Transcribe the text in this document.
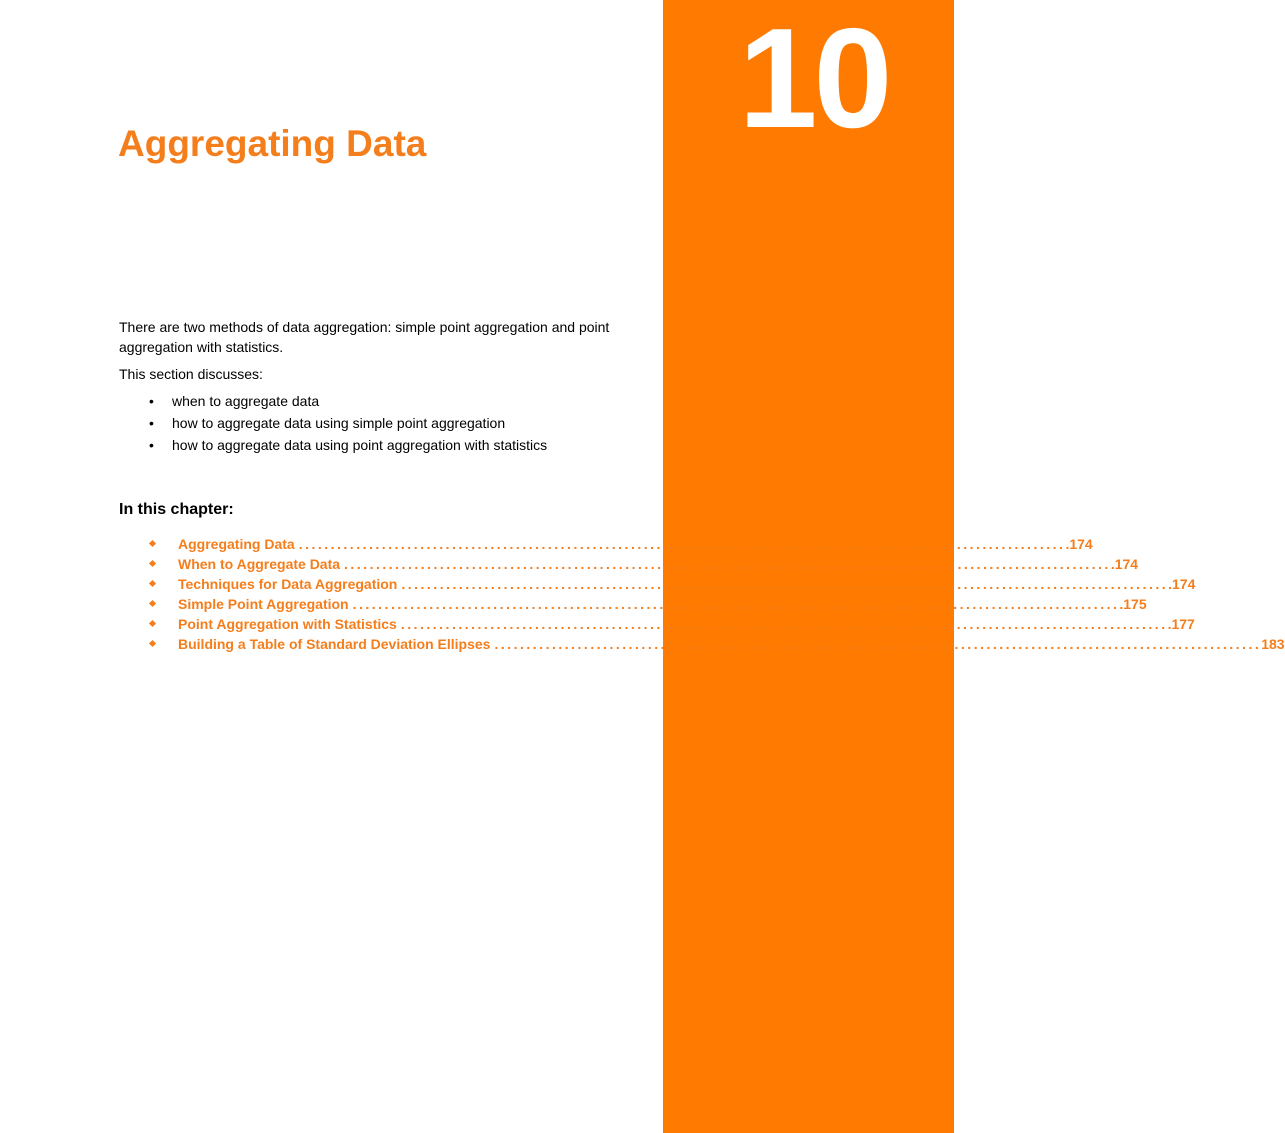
10
Aggregating Data

There are two methods of data aggregation: simple point aggregation and point aggregation with statistics.

This section discusses:

• when to aggregate data
• how to aggregate data using simple point aggregation
• how to aggregate data using point aggregation with statistics
In this chapter:
Aggregating Data ........................................................................................................................ .174
When to Aggregate Data ........................................................................................................................ .174
Techniques for Data Aggregation ........................................................................................................................ .174
Simple Point Aggregation ........................................................................................................................ .175
Point Aggregation with Statistics ........................................................................................................................ .177
Building a Table of Standard Deviation Ellipses ........................................................................................................................ 183
